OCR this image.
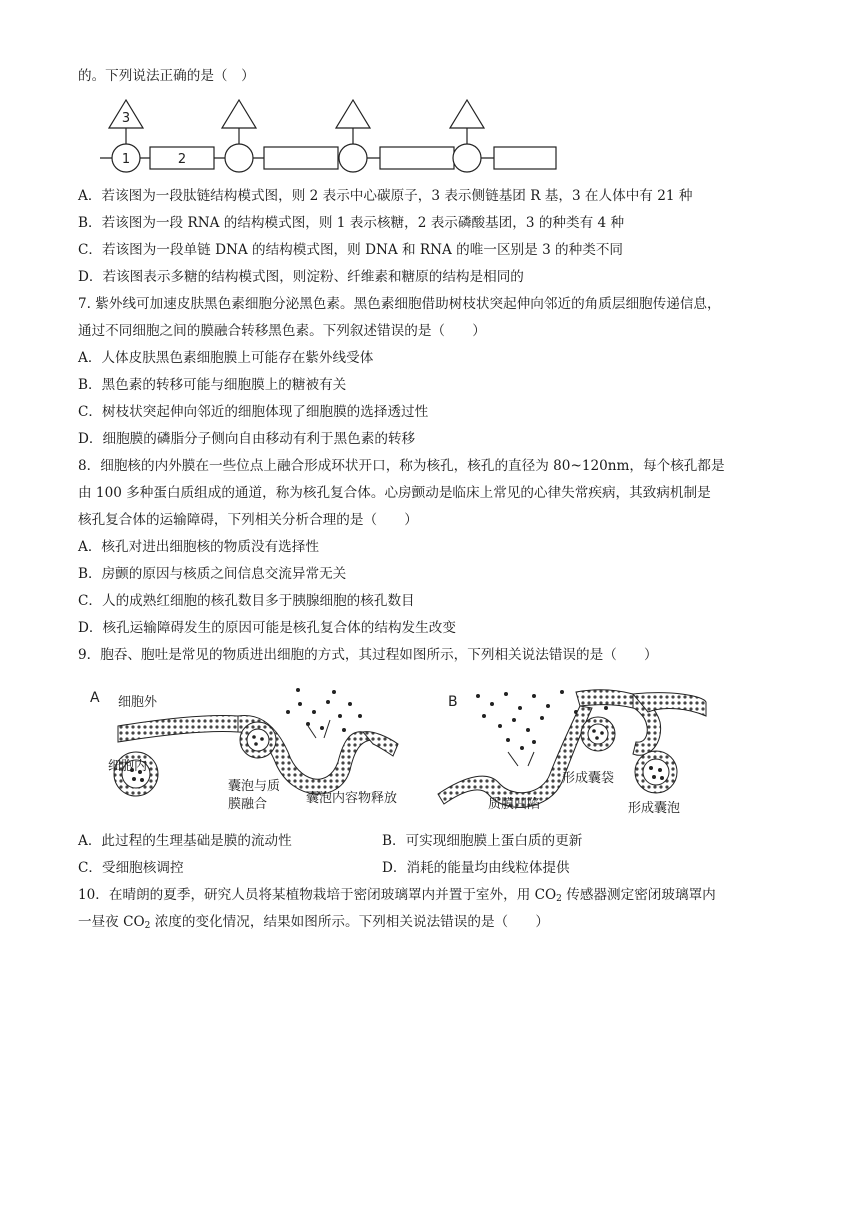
的。下列说法正确的是（　）
3
1	2
A．若该图为一段肽链结构模式图，则 2 表示中心碳原子，3 表示侧链基团 R 基，3 在人体中有 21 种
B．若该图为一段 RNA 的结构模式图，则 1 表示核糖，2 表示磷酸基团，3 的种类有 4 种
C．若该图为一段单链 DNA 的结构模式图，则 DNA 和 RNA 的唯一区别是 3 的种类不同
D．若该图表示多糖的结构模式图，则淀粉、纤维素和糖原的结构是相同的
7. 紫外线可加速皮肤黑色素细胞分泌黑色素。黑色素细胞借助树枝状突起伸向邻近的角质层细胞传递信息，
通过不同细胞之间的膜融合转移黑色素。下列叙述错误的是（　　）
A．人体皮肤黑色素细胞膜上可能存在紫外线受体
B．黑色素的转移可能与细胞膜上的糖被有关
C．树枝状突起伸向邻近的细胞体现了细胞膜的选择透过性
D．细胞膜的磷脂分子侧向自由移动有利于黑色素的转移
8．细胞核的内外膜在一些位点上融合形成环状开口，称为核孔，核孔的直径为 80~120nm，每个核孔都是
由 100 多种蛋白质组成的通道，称为核孔复合体。心房颤动是临床上常见的心律失常疾病，其致病机制是
核孔复合体的运输障碍，下列相关分析合理的是（　　）
A．核孔对进出细胞核的物质没有选择性
B．房颤的原因与核质之间信息交流异常无关
C．人的成熟红细胞的核孔数目多于胰腺细胞的核孔数目
D．核孔运输障碍发生的原因可能是核孔复合体的结构发生改变
9．胞吞、胞吐是常见的物质进出细胞的方式，其过程如图所示，下列相关说法错误的是（　　）
A 细胞外
细胞内
囊泡与质
膜融合	囊泡内容物释放
B
质膜凹陷
形成囊袋
形成囊泡
A．此过程的生理基础是膜的流动性	B．可实现细胞膜上蛋白质的更新
C．受细胞核调控	D．消耗的能量均由线粒体提供
10．在晴朗的夏季，研究人员将某植物栽培于密闭玻璃罩内并置于室外，用 $CO_2$ 传感器测定密闭玻璃罩内
一昼夜 $CO_2$ 浓度的变化情况，结果如图所示。下列相关说法错误的是（　　）
